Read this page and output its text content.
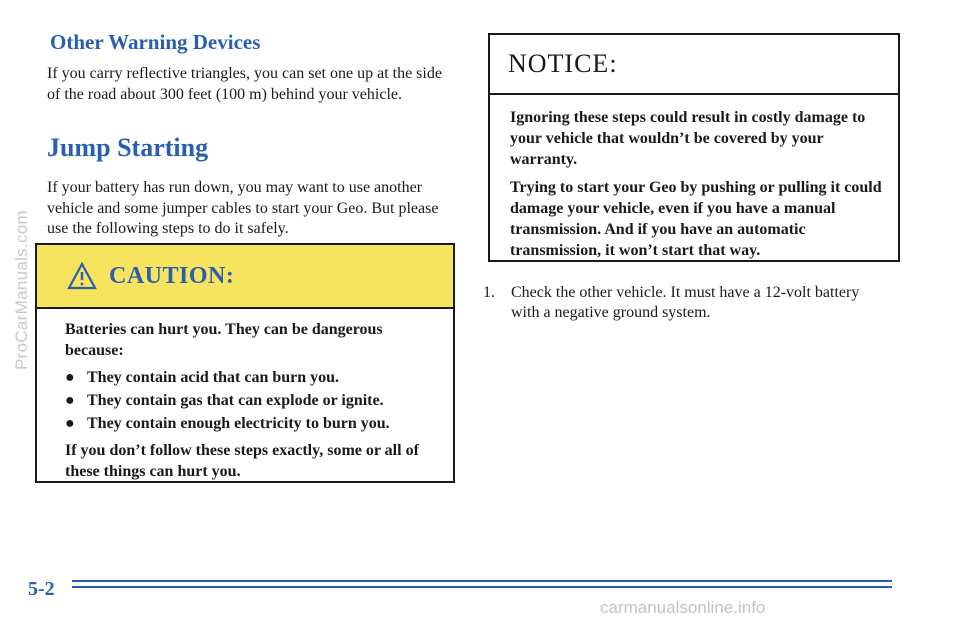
ProCarManuals.com
Other Warning Devices

If you carry reflective triangles, you can set one up at the side of the road about 300 feet (100 m) behind your vehicle.

Jump Starting

If your battery has run down, you may want to use another vehicle and some jumper cables to start your Geo. But please use the following steps to do it safely.

CAUTION:

Batteries can hurt you. They can be dangerous because:

● They contain acid that can burn you.
● They contain gas that can explode or ignite.
● They contain enough electricity to burn you.

If you don’t follow these steps exactly, some or all of these things can hurt you.

NOTICE:

Ignoring these steps could result in costly damage to your vehicle that wouldn’t be covered by your warranty.

Trying to start your Geo by pushing or pulling it could damage your vehicle, even if you have a manual transmission. And if you have an automatic transmission, it won’t start that way.

1.	Check the other vehicle. It must have a 12-volt battery with a negative ground system.
5-2
carmanualsonline.info
